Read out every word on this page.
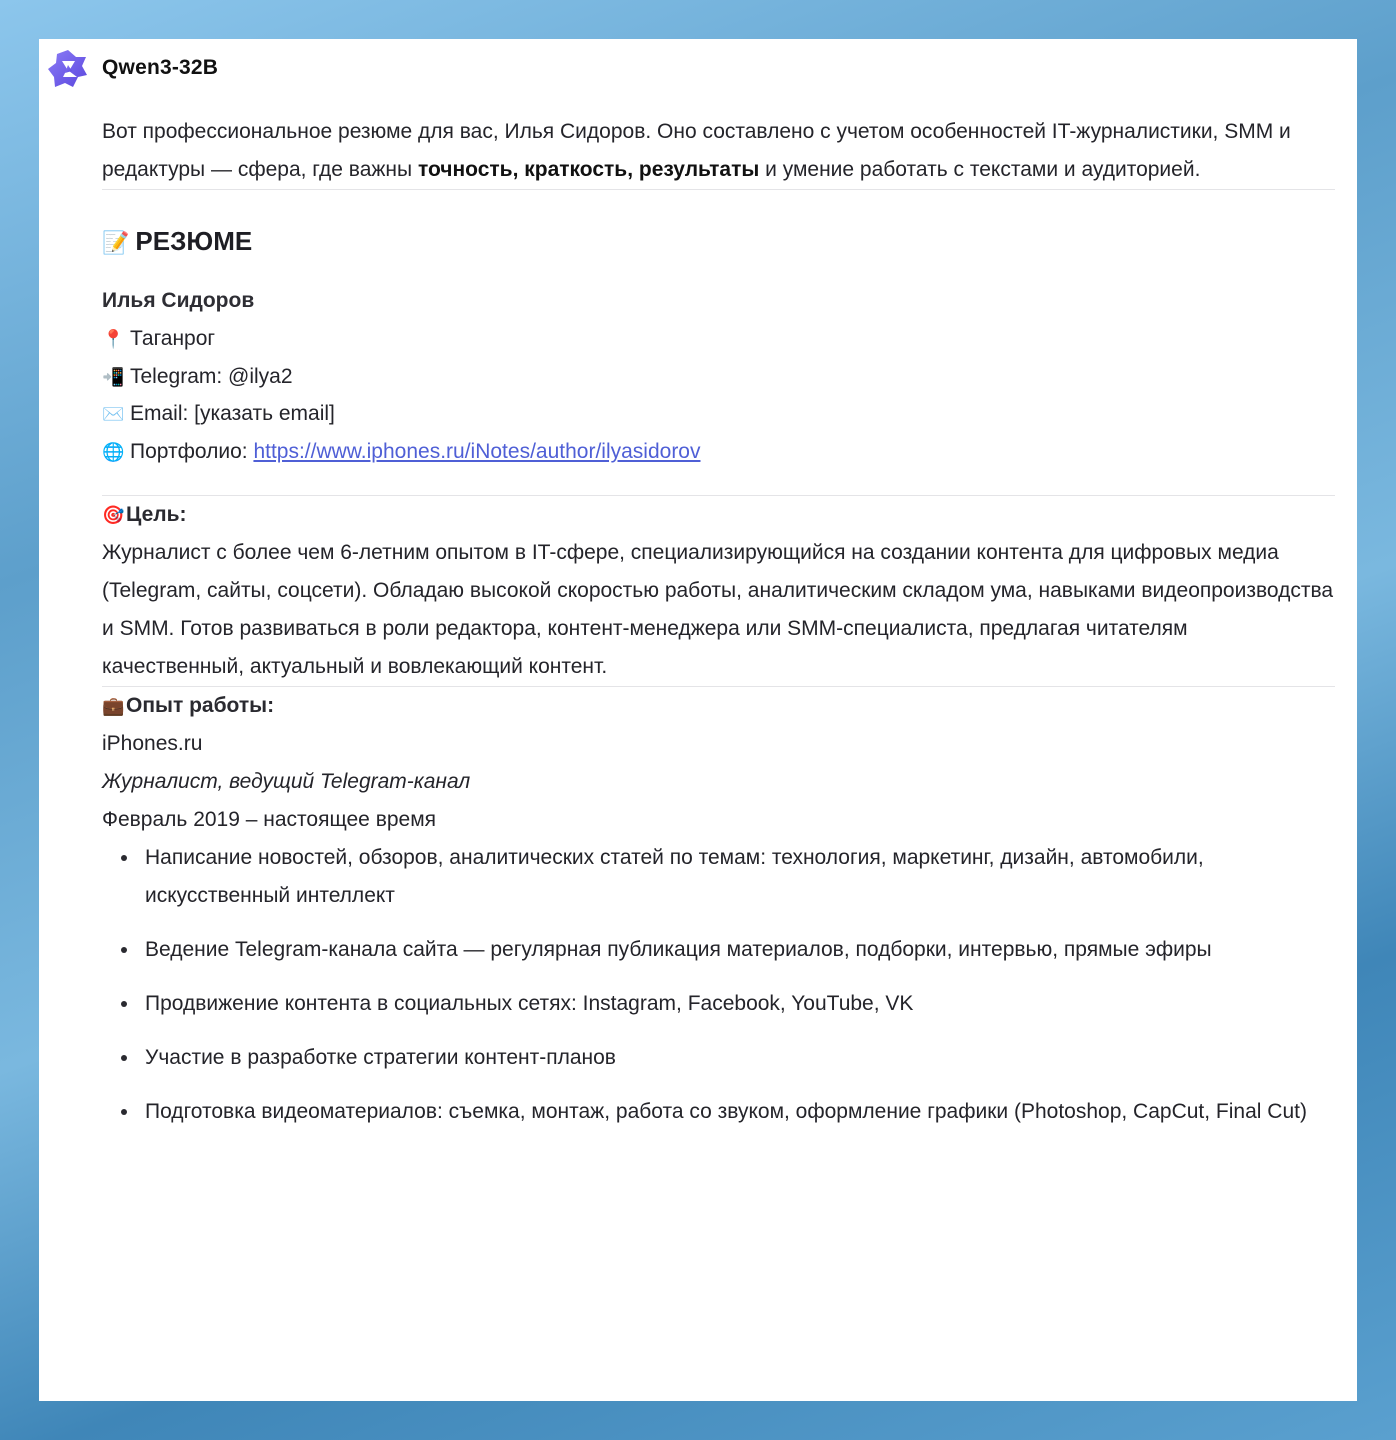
Qwen3-32B

Вот профессиональное резюме для вас, Илья Сидоров. Оно составлено с учетом особенностей IT-журналистики, SMM и редактуры — сфера, где важны точность, краткость, результаты и умение работать с текстами и аудиторией.

📝 РЕЗЮМЕ

Илья Сидоров

📍 Таганрог
📲 Telegram: @ilya2
✉️ Email: [указать email]
🌐 Портфолио: https://www.iphones.ru/iNotes/author/ilyasidorov

🎯Цель:

Журналист с более чем 6-летним опытом в IT-сфере, специализирующийся на создании контента для цифровых медиа (Telegram, сайты, соцсети). Обладаю высокой скоростью работы, аналитическим складом ума, навыками видеопроизводства и SMM. Готов развиваться в роли редактора, контент-менеджера или SMM-специалиста, предлагая читателям качественный, актуальный и вовлекающий контент.

💼Опыт работы:

iPhones.ru

Журналист, ведущий Telegram-канал

Февраль 2019 – настоящее время

Написание новостей, обзоров, аналитических статей по темам: технология, маркетинг, дизайн, автомобили, искусственный интеллект
Ведение Telegram-канала сайта — регулярная публикация материалов, подборки, интервью, прямые эфиры
Продвижение контента в социальных сетях: Instagram, Facebook, YouTube, VK
Участие в разработке стратегии контент-планов
Подготовка видеоматериалов: съемка, монтаж, работа со звуком, оформление графики (Photoshop, CapCut, Final Cut)
